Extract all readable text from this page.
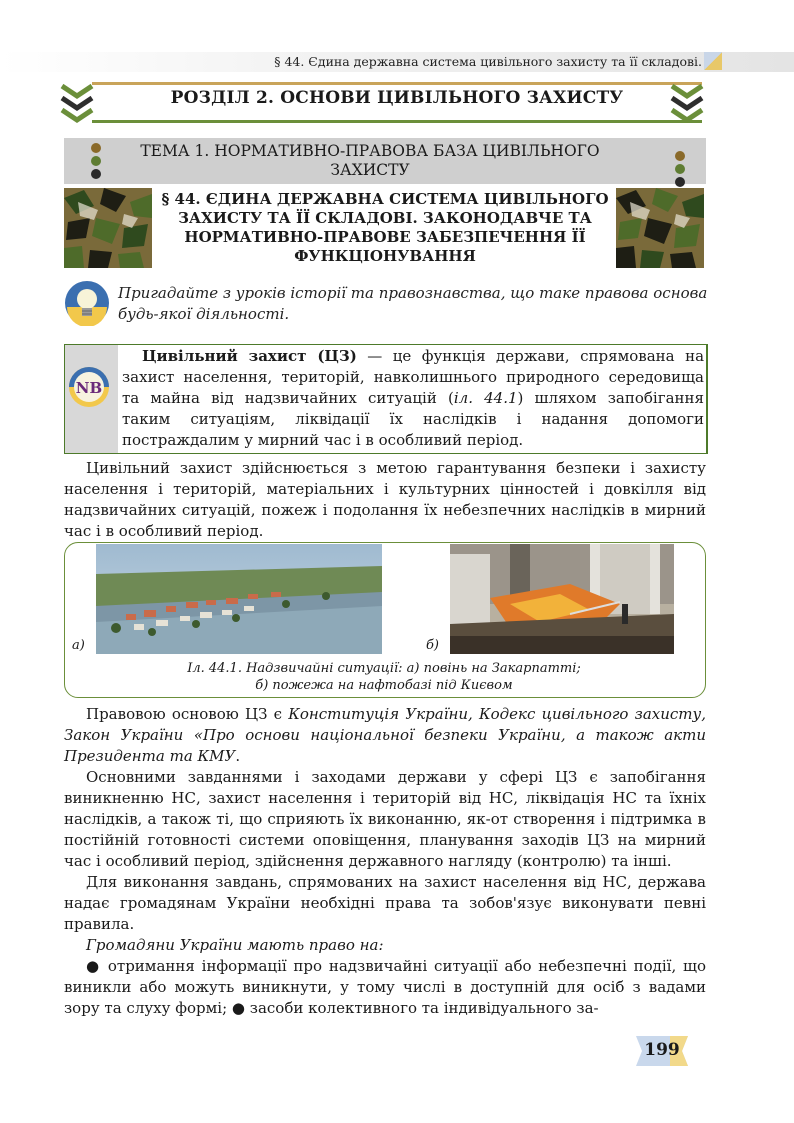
§ 44. Єдина державна система цивільного захисту та її складові.
РОЗДІЛ 2. ОСНОВИ ЦИВІЛЬНОГО ЗАХИСТУ
ТЕМА 1. НОРМАТИВНО-ПРАВОВА БАЗА ЦИВІЛЬНОГО ЗАХИСТУ
§ 44. ЄДИНА ДЕРЖАВНА СИСТЕМА ЦИВІЛЬНОГО ЗАХИСТУ ТА ЇЇ СКЛАДОВІ. ЗАКОНОДАВЧЕ ТА НОРМАТИВНО-ПРАВОВЕ ЗАБЕЗПЕЧЕННЯ ЇЇ ФУНКЦІОНУВАННЯ
Пригадайте з уроків історії та правознавства, що таке правова основа будь-якої діяльності.
NB

Цивільний захист (ЦЗ) — це функція держави, спрямована на захист населення, територій, навколишнього природного середовища та майна від надзвичайних ситуацій (іл. 44.1) шляхом запобігання таким ситуаціям, ліквідації їх наслідків і надання допомоги постраждалим у мирний час і в особливий період.

Цивільний захист здійснюється з метою гарантування безпеки і захисту населення і територій, матеріальних і культурних цінностей і довкілля від надзвичайних ситуацій, пожеж і подолання їх небезпечних наслідків в мирний час і в особливий період.

а)	б)
Іл. 44.1. Надзвичайні ситуації: а) повінь на Закарпатті;
б) пожежа на нафтобазі під Києвом

Правовою основою ЦЗ є Конституція України, Кодекс цивільного захисту, Закон України «Про основи національної безпеки України, а також акти Президента та КМУ.

Основними завданнями і заходами держави у сфері ЦЗ є запобігання виникненню НС, захист населення і територій від НС, ліквідація НС та їхніх наслідків, а також ті, що сприяють їх виконанню, як-от створення і підтримка в постійній готовності системи оповіщення, планування заходів ЦЗ на мирний час і особливий період, здійснення державного нагляду (контролю) та інші.

Для виконання завдань, спрямованих на захист населення від НС, держава надає громадянам України необхідні права та зобов'язує виконувати певні правила.

Громадяни України мають право на:

● отримання інформації про надзвичайні ситуації або небезпечні події, що виникли або можуть виникнути, у тому числі в доступній для осіб з вадами зору та слуху формі; ● засоби колективного та індивідуального за-

199
